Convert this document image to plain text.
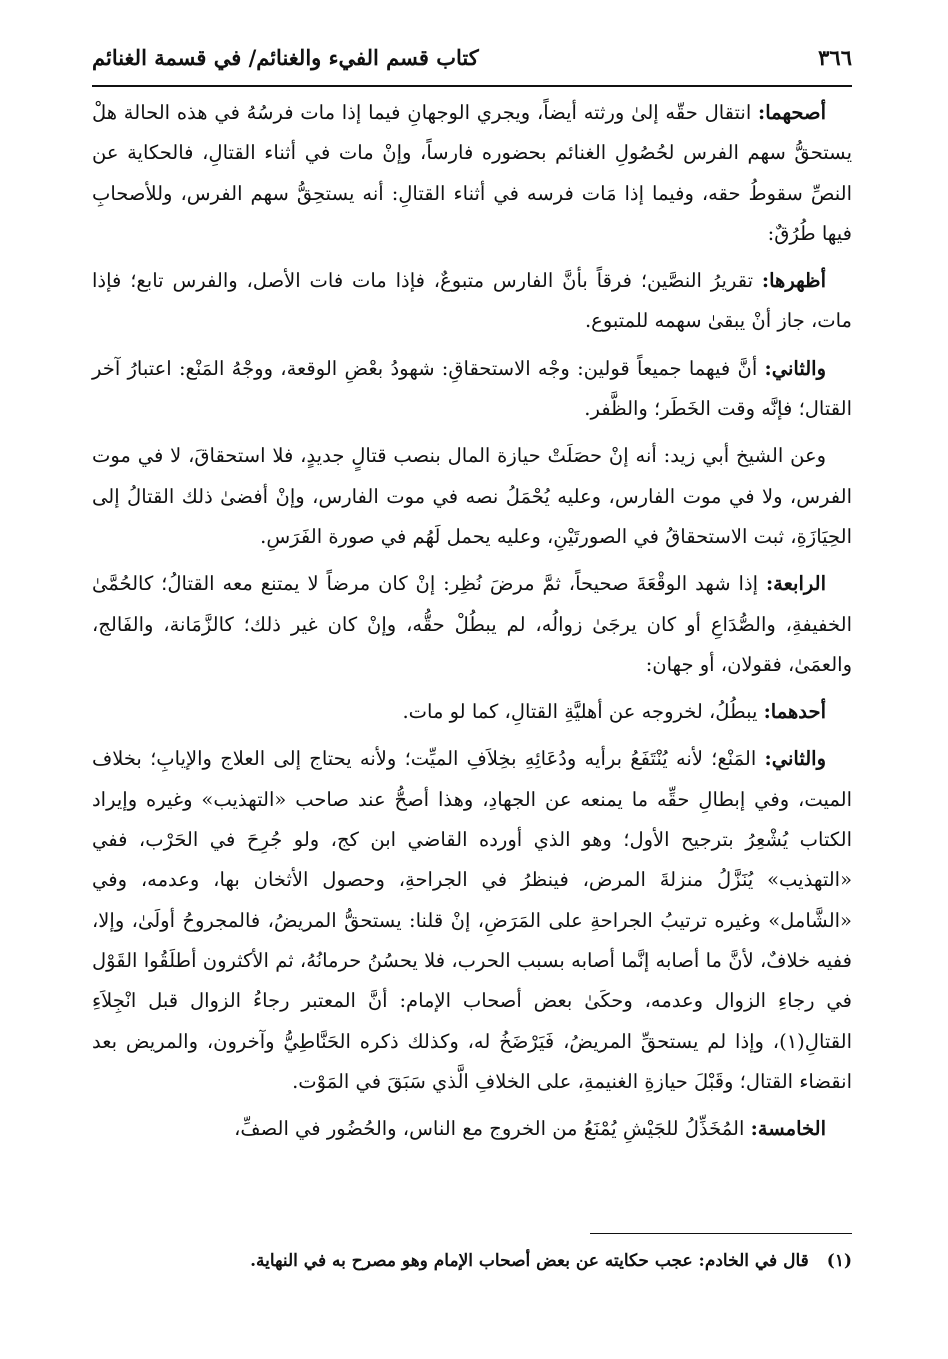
٣٦٦
كتاب قسم الفيء والغنائم/ في قسمة الغنائم

أصحهما: انتقال حقّه إلىٰ ورثته أيضاً، ويجري الوجهانِ فيما إذا مات فرسُهُ في هذه الحالة هلْ يستحقُّ سهم الفرس لحُصُولِ الغنائم بحضوره فارساً، وإنْ مات في أثناء القتالِ، فالحكاية عن النصِّ سقوطُ حقه، وفيما إذا مَات فرسه في أثناء القتالِ: أنه يستحِقُّ سهم الفرس، وللأصحابِ فيها طُرُقٌ:

أظهرها: تقريرُ النصَّين؛ فرقاً بأنَّ الفارس متبوعٌ، فإذا مات فات الأصل، والفرس تابع؛ فإذا مات، جاز أنْ يبقىٰ سهمه للمتبوع.

والثاني: أنَّ فيهما جميعاً قولين: وجْه الاستحقاقِ: شهودُ بعْضِ الوقعة، ووجْهُ المَنْع: اعتبارُ آخر القتال؛ فإنَّه وقت الخَطَر؛ والظَّفر.

وعن الشيخ أبي زيد: أنه إنْ حصَلَتْ حيازة المال بنصب قتالٍ جديدٍ، فلا استحقاقَ، لا في موت الفرس، ولا في موت الفارس، وعليه يُحْمَلُ نصه في موت الفارس، وإنْ أفضىٰ ذلك القتالُ إلى الحِيَازَةِ، ثبت الاستحقاقُ في الصورتَيْنِ، وعليه يحمل لَهُم في صورة الفَرَسِ.

الرابعة: إذا شهد الوقْعَةَ صحيحاً، ثمَّ مرضَ نُظِر: إنْ كان مرضاً لا يمتنع معه القتالُ؛ كالحُمَّىٰ الخفيفةِ، والصُّدَاعِ أو كان يرجَىٰ زوالُه، لم يبطُلْ حقُّه، وإنْ كان غير ذلك؛ كالزَّمَانة، والفَالج، والعمَىٰ، فقولان، أو جهان:

أحدهما: يبطُلُ، لخروجه عن أهليَّةِ القتالِ، كما لو مات.

والثاني: المَنْع؛ لأنه يُنْتَفَعُ برأيه ودُعَائِهِ بخِلاَفِ الميِّت؛ ولأنه يحتاج إلى العلاج والإيابِ؛ بخلاف الميت، وفي إبطالِ حقِّه ما يمنعه عن الجهادِ، وهذا أصحُّ عند صاحب «التهذيب» وغيره وإيراد الكتاب يُشْعِرُ بترجيح الأول؛ وهو الذي أورده القاضي ابن كج، ولو جُرِحَ في الحَرْب، ففي «التهذيب» يُنَزَّلُ منزلةَ المرض، فينظرُ في الجراحةِ، وحصول الأثخان بها، وعدمه، وفي «الشَّامل» وغيره ترتيبُ الجراحةِ على المَرَضِ، إنْ قلنا: يستحقُّ المريضُ، فالمجروحُ أولَىٰ، وإلا، ففيه خلافٌ، لأنَّ ما أصابه إنَّما أصابه بسبب الحرب، فلا يحسُنُ حرمانُهُ، ثم الأكثرون أطلَقُوا القَوْل في رجاءِ الزوال وعدمه، وحكَىٰ بعض أصحاب الإمام: أنَّ المعتبر رجاءُ الزوال قبل انْجِلاَءِ القتالِ(١)، وإذا لم يستحقِّ المريضُ، فَيَرْضَخُ له، وكذلك ذكره الحَنَّاطِيُّ وآخرون، والمريض بعد انقضاء القتال؛ وقَبْلَ حيازةِ الغنيمةِ، على الخلافِ الَّذي سَبَقَ في المَوْت.

الخامسة: المُخَذِّلُ للجَيْشِ يُمْنَعُ من الخروج مع الناس، والحُضُور في الصفِّ،

(١)قال في الخادم: عجب حكايته عن بعض أصحاب الإمام وهو مصرح به في النهاية.
